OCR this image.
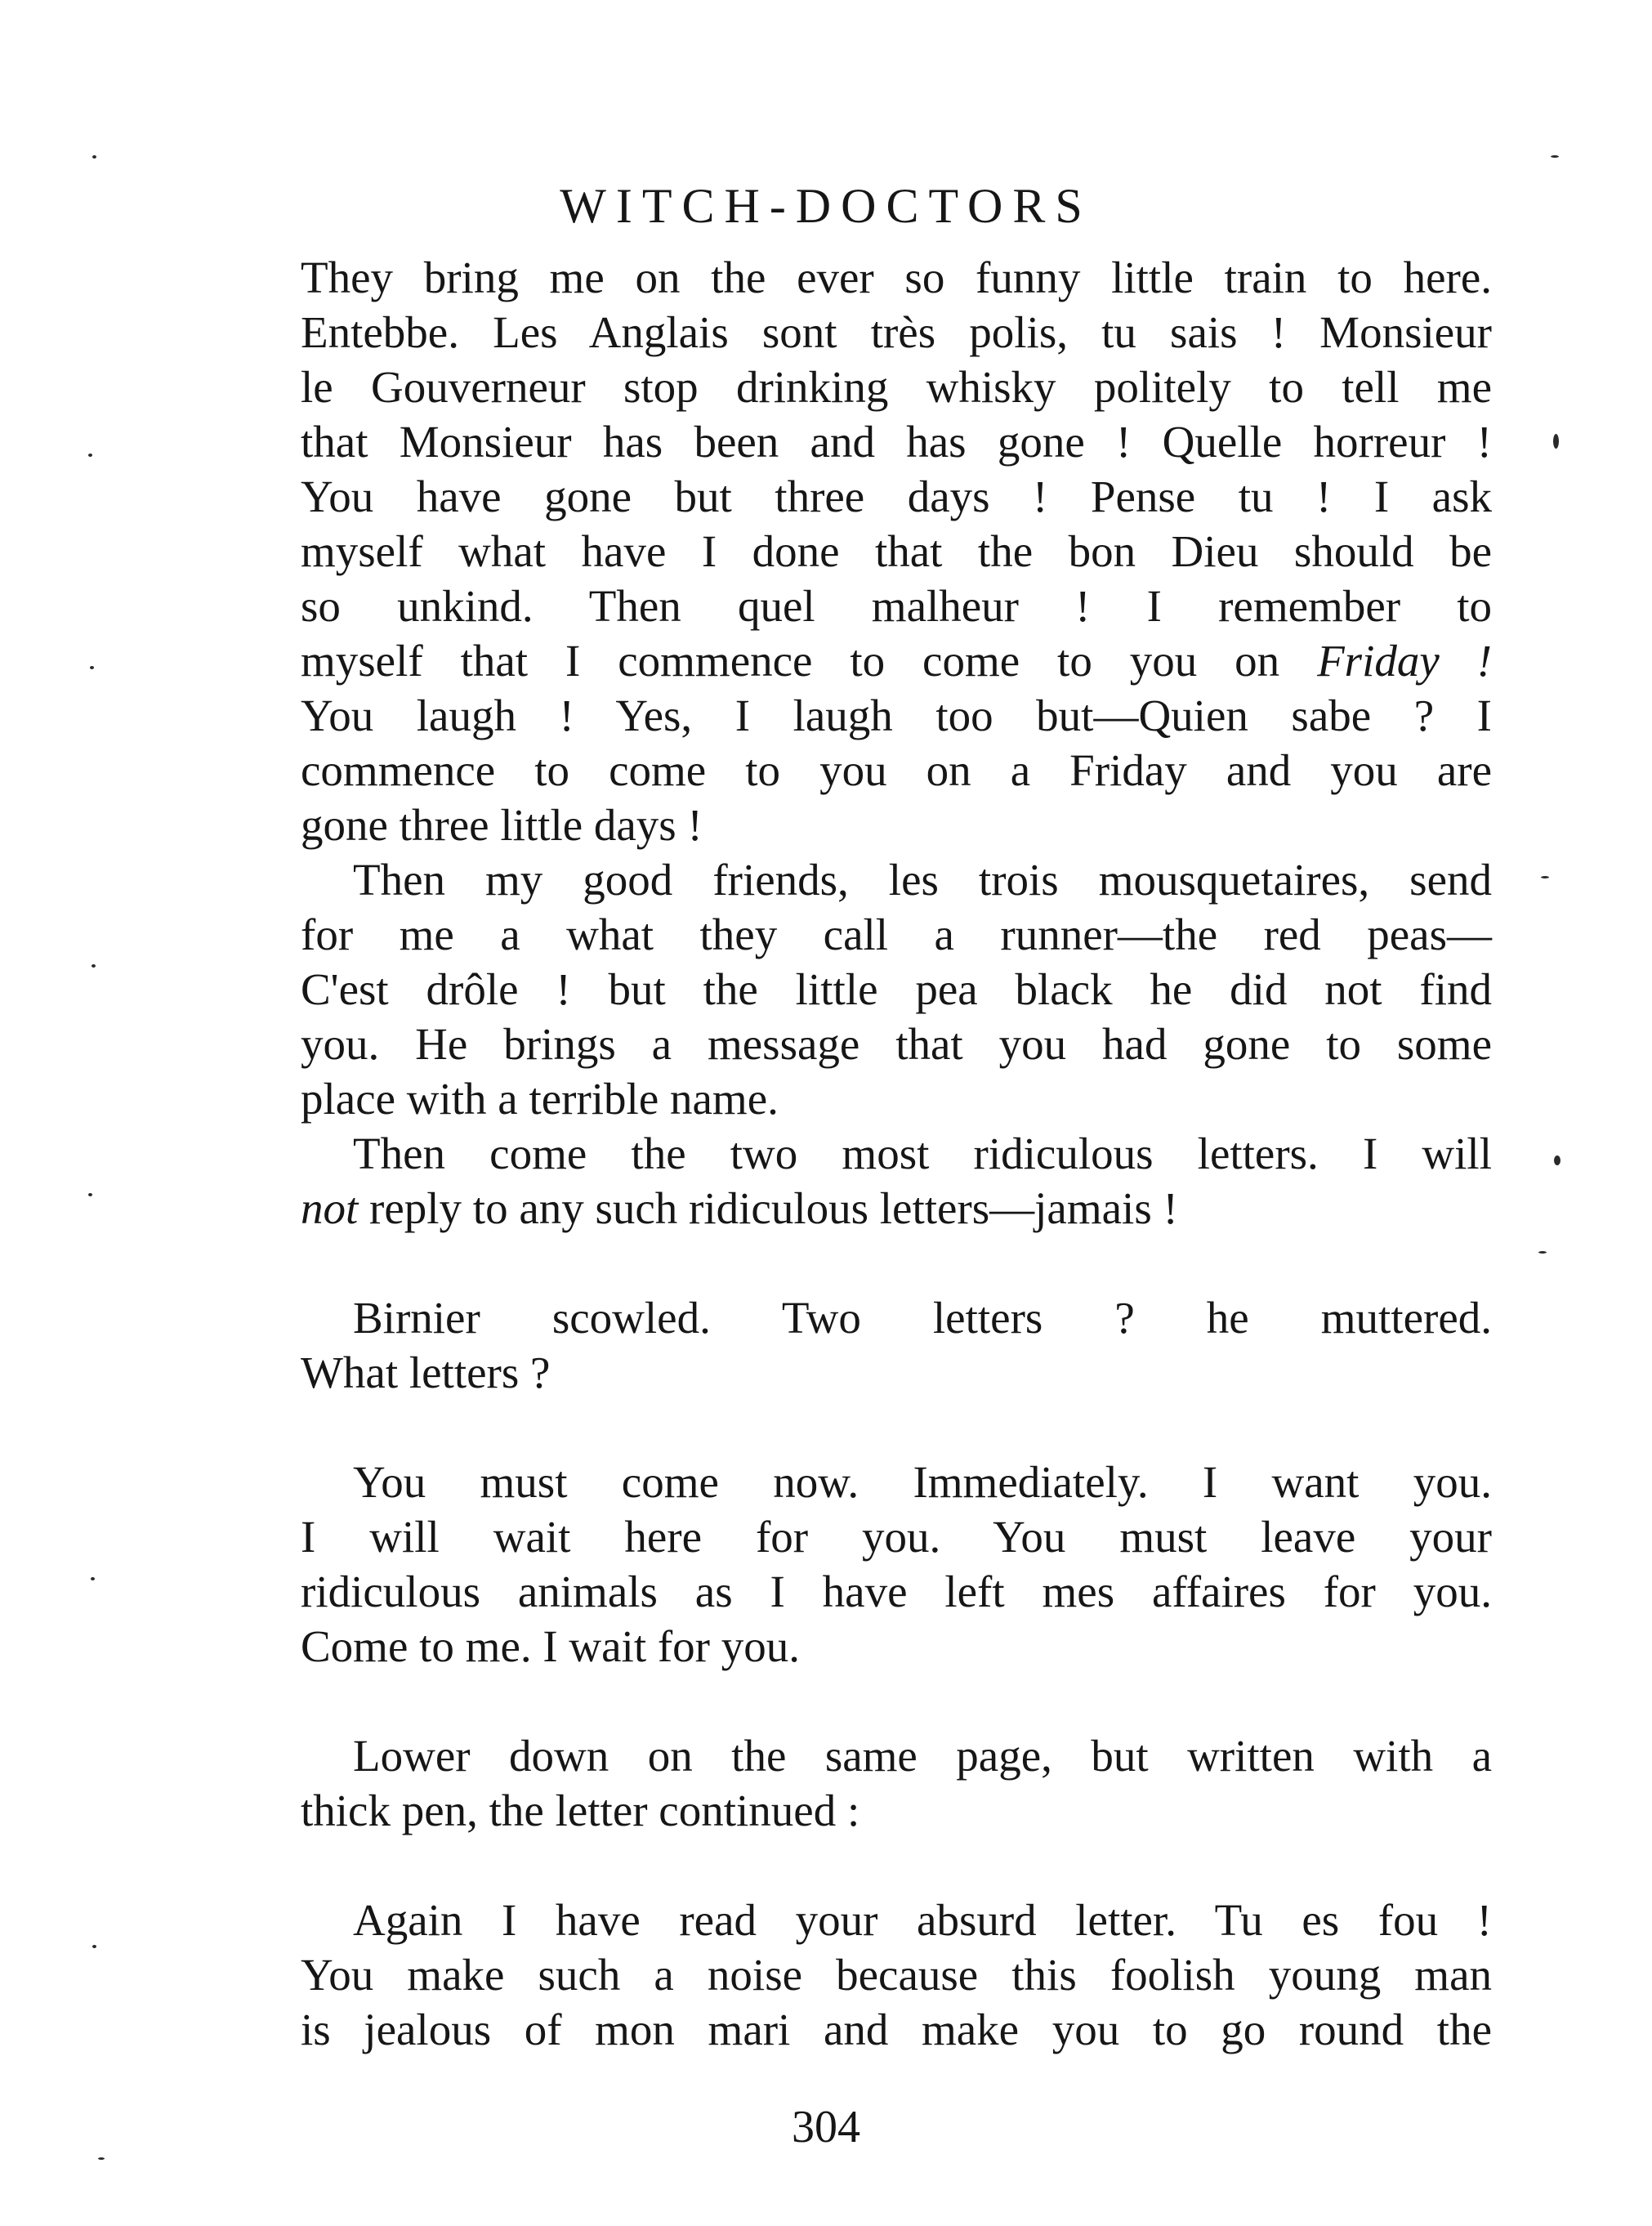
WITCH-DOCTORS
They bring me on the ever so funny little train to here.
Entebbe. Les Anglais sont très polis, tu sais ! Monsieur
le Gouverneur stop drinking whisky politely to tell me
that Monsieur has been and has gone ! Quelle horreur !
You have gone but three days ! Pense tu ! I ask
myself what have I done that the bon Dieu should be
so unkind. Then quel malheur ! I remember to
myself that I commence to come to you on Friday !
You laugh ! Yes, I laugh too but—Quien sabe ? I
commence to come to you on a Friday and you are
gone three little days !
Then my good friends, les trois mousquetaires, send
for me a what they call a runner—the red peas—
C'est drôle ! but the little pea black he did not find
you. He brings a message that you had gone to some
place with a terrible name.
Then come the two most ridiculous letters. I will
not reply to any such ridiculous letters—jamais !
Birnier scowled. Two letters ? he muttered.
What letters ?
You must come now. Immediately. I want you.
I will wait here for you. You must leave your
ridiculous animals as I have left mes affaires for you.
Come to me. I wait for you.
Lower down on the same page, but written with a
thick pen, the letter continued :
Again I have read your absurd letter. Tu es fou !
You make such a noise because this foolish young man
is jealous of mon mari and make you to go round the
304
